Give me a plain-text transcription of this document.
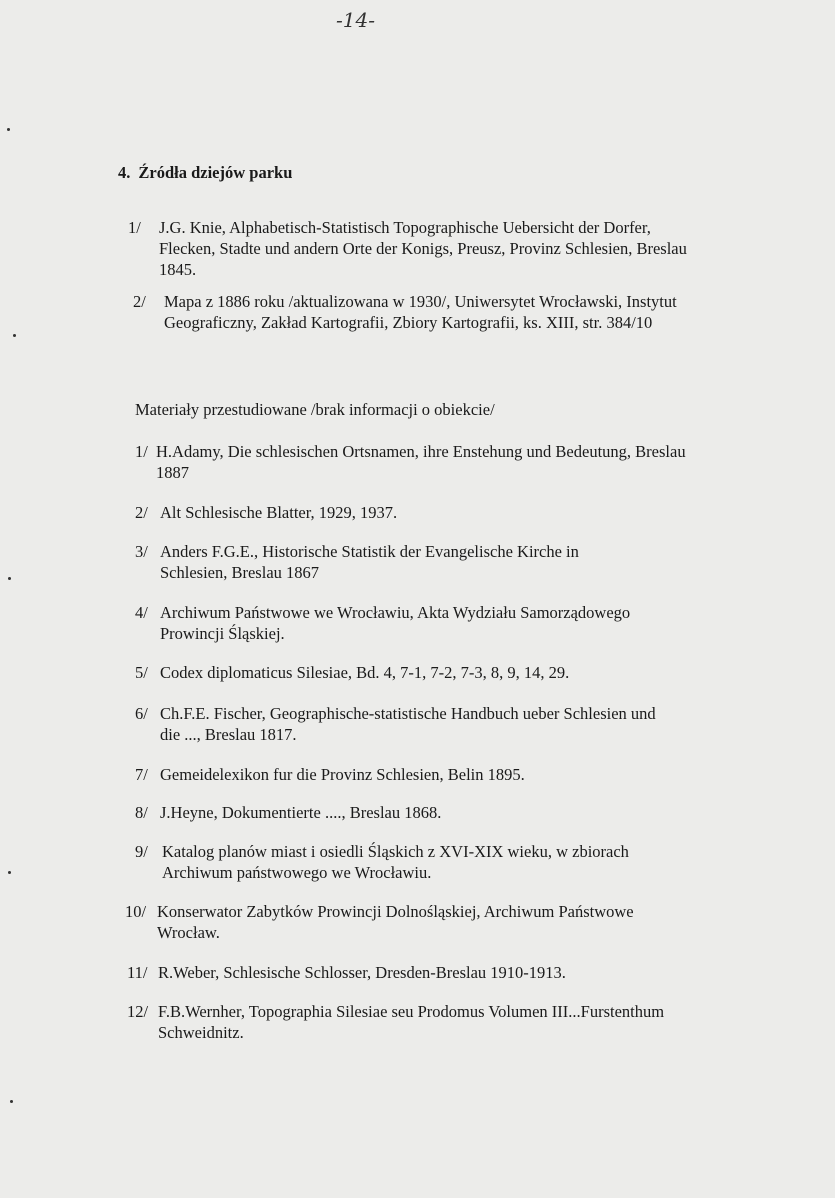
-14-
4. Źródła dziejów parku
1/ J.G. Knie, Alphabetisch-Statistisch Topographische Uebersicht der Dorfer, Flecken, Stadte und andern Orte der Konigs, Preusz, Provinz Schlesien, Breslau 1845.
2/ Mapa z 1886 roku /aktualizowana w 1930/, Uniwersytet Wrocławski, Instytut Geograficzny, Zakład Kartografii, Zbiory Kartografii, ks. XIII, str. 384/10
Materiały przestudiowane /brak informacji o obiekcie/
1/ H.Adamy, Die schlesischen Ortsnamen, ihre Enstehung und Bedeutung, Breslau 1887
2/ Alt Schlesische Blatter, 1929, 1937.
3/ Anders F.G.E., Historische Statistik der Evangelische Kirche in Schlesien, Breslau 1867
4/ Archiwum Państwowe we Wrocławiu, Akta Wydziału Samorządowego Prowincji Śląskiej.
5/ Codex diplomaticus Silesiae, Bd. 4, 7-1, 7-2, 7-3, 8, 9, 14, 29.
6/ Ch.F.E. Fischer, Geographische-statistische Handbuch ueber Schlesien und die ..., Breslau 1817.
7/ Gemeidelexikon fur die Provinz Schlesien, Belin 1895.
8/ J.Heyne, Dokumentierte ...., Breslau 1868.
9/ Katalog planów miast i osiedli Śląskich z XVI-XIX wieku, w zbiorach Archiwum państwowego we Wrocławiu.
10/ Konserwator Zabytków Prowincji Dolnośląskiej, Archiwum Państwowe Wrocław.
11/ R.Weber, Schlesische Schlosser, Dresden-Breslau 1910-1913.
12/ F.B.Wernher, Topographia Silesiae seu Prodomus Volumen III...Furstenthum Schweidnitz.
